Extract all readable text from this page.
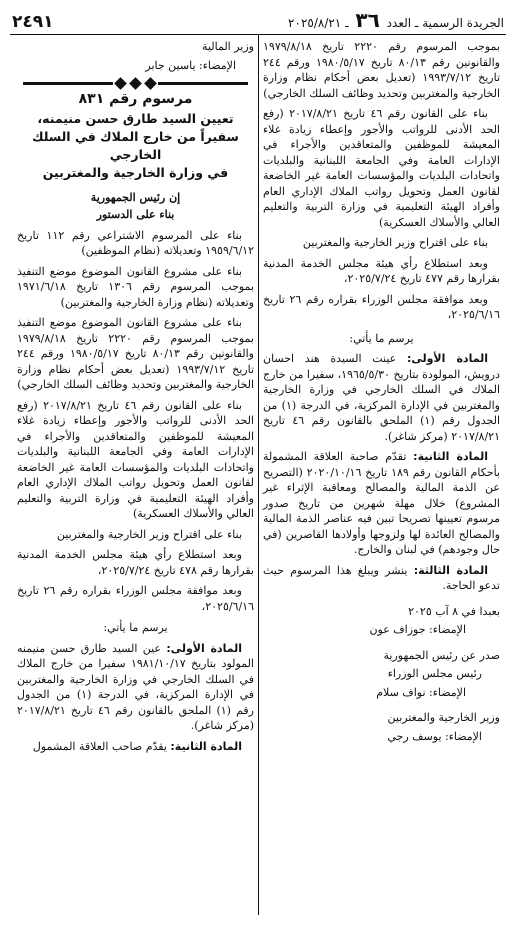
الجريدة الرسمية ـ العدد ٣٦ ـ ٢٠٢٥/٨/٢١
٢٤٩١

بموجب المرسوم رقم ٢٢٢٠ تاريخ ١٩٧٩/٨/١٨ والقانونين رقم ٨٠/١٣ تاريخ ١٩٨٠/٥/١٧ ورقم ٢٤٤ تاريخ ١٩٩٣/٧/١٢ (تعديل بعض أحكام نظام وزارة الخارجية والمغتربين وتحديد وظائف السلك الخارجي)

بناء على القانون رقم ٤٦ تاريخ ٢٠١٧/٨/٢١ (رفع الحد الأدنى للرواتب والأجور وإعطاء زيادة غلاء المعيشة للموظفين والمتعاقدين والأجراء في الإدارات العامة وفي الجامعة اللبنانية والبلديات واتحادات البلديات والمؤسسات العامة غير الخاضعة لقانون العمل وتحويل رواتب الملاك الإداري العام وأفراد الهيئة التعليمية في وزارة التربية والتعليم العالي والأسلاك العسكرية)

بناء على اقتراح وزير الخارجية والمغتربين

وبعد استطلاع رأي هيئة مجلس الخدمة المدنية بقرارها رقم ٤٧٧ تاريخ ٢٠٢٥/٧/٢٤،

وبعد موافقة مجلس الوزراء بقراره رقم ٢٦ تاريخ ٢٠٢٥/٦/١٦،

يرسم ما يأتي:

المادة الأولى: عينت السيدة هند احسان درويش، المولودة بتاريخ ١٩٦٥/٥/٣٠، سفيرا من خارج الملاك في السلك الخارجي في وزارة الخارجية والمغتربين في الإدارة المركزية، في الدرجة (١) من الجدول رقم (١) الملحق بالقانون رقم ٤٦ تاريخ ٢٠١٧/٨/٢١ (مركز شاغر).

المادة الثانية: تقدّم صاحبة العلاقة المشمولة بأحكام القانون رقم ١٨٩ تاريخ ٢٠٢٠/١٠/١٦ (التصريح عن الذمة المالية والمصالح ومعاقبة الإثراء غير المشروع) خلال مهلة شهرين من تاريخ صدور مرسوم تعيينها تصريحا تبين فيه عناصر الذمة المالية والمصالح العائدة لها ولزوجها وأولادها القاصرين (في حال وجودهم) في لبنان والخارج.

المادة الثالثة: ينشر ويبلغ هذا المرسوم حيث تدعو الحاجة.

بعبدا في ٨ آب ٢٠٢٥

الإمضاء: جوزاف عون

صدر عن رئيس الجمهورية

رئيس مجلس الوزراء

الإمضاء: نواف سلام

وزير الخارجية والمغتربين

الإمضاء: يوسف رجي

وزير المالية

الإمضاء: ياسين جابر

مرسوم رقم ٨٣١
تعيين السيد طارق حسن منيمنه،
سفيراً من خارج الملاك في السلك الخارجي
في وزارة الخارجية والمغتربين

إن رئيس الجمهورية

بناء على الدستور

بناء على المرسوم الاشتراعي رقم ١١٢ تاريخ ١٩٥٩/٦/١٢ وتعديلاته (نظام الموظفين)

بناء على مشروع القانون الموضوع موضع التنفيذ بموجب المرسوم رقم ١٣٠٦ تاريخ ١٩٧١/٦/١٨ وتعديلاته (نظام وزارة الخارجية والمغتربين)

بناء على مشروع القانون الموضوع موضع التنفيذ بموجب المرسوم رقم ٢٢٢٠ تاريخ ١٩٧٩/٨/١٨ والقانونين رقم ٨٠/١٣ تاريخ ١٩٨٠/٥/١٧ ورقم ٢٤٤ تاريخ ١٩٩٣/٧/١٢ (تعديل بعض أحكام نظام وزارة الخارجية والمغتربين وتحديد وظائف السلك الخارجي)

بناء على القانون رقم ٤٦ تاريخ ٢٠١٧/٨/٢١ (رفع الحد الأدنى للرواتب والأجور وإعطاء زيادة غلاء المعيشة للموظفين والمتعاقدين والأجراء في الإدارات العامة وفي الجامعة اللبنانية والبلديات واتحادات البلديات والمؤسسات العامة غير الخاضعة لقانون العمل وتحويل رواتب الملاك الإداري العام وأفراد الهيئة التعليمية في وزارة التربية والتعليم العالي والأسلاك العسكرية)

بناء على اقتراح وزير الخارجية والمغتربين

وبعد استطلاع رأي هيئة مجلس الخدمة المدنية بقرارها رقم ٤٧٨ تاريخ ٢٠٢٥/٧/٢٤،

وبعد موافقة مجلس الوزراء بقراره رقم ٢٦ تاريخ ٢٠٢٥/٦/١٦،

يرسم ما يأتي:

المادة الأولى: عين السيد طارق حسن منيمنه المولود بتاريخ ١٩٨١/١٠/١٧ سفيرا من خارج الملاك في السلك الخارجي في وزارة الخارجية والمغتربين في الإدارة المركزية، في الدرجة (١) من الجدول رقم (١) الملحق بالقانون رقم ٤٦ تاريخ ٢٠١٧/٨/٢١ (مركز شاغر).

المادة الثانية: يقدّم صاحب العلاقة المشمول
